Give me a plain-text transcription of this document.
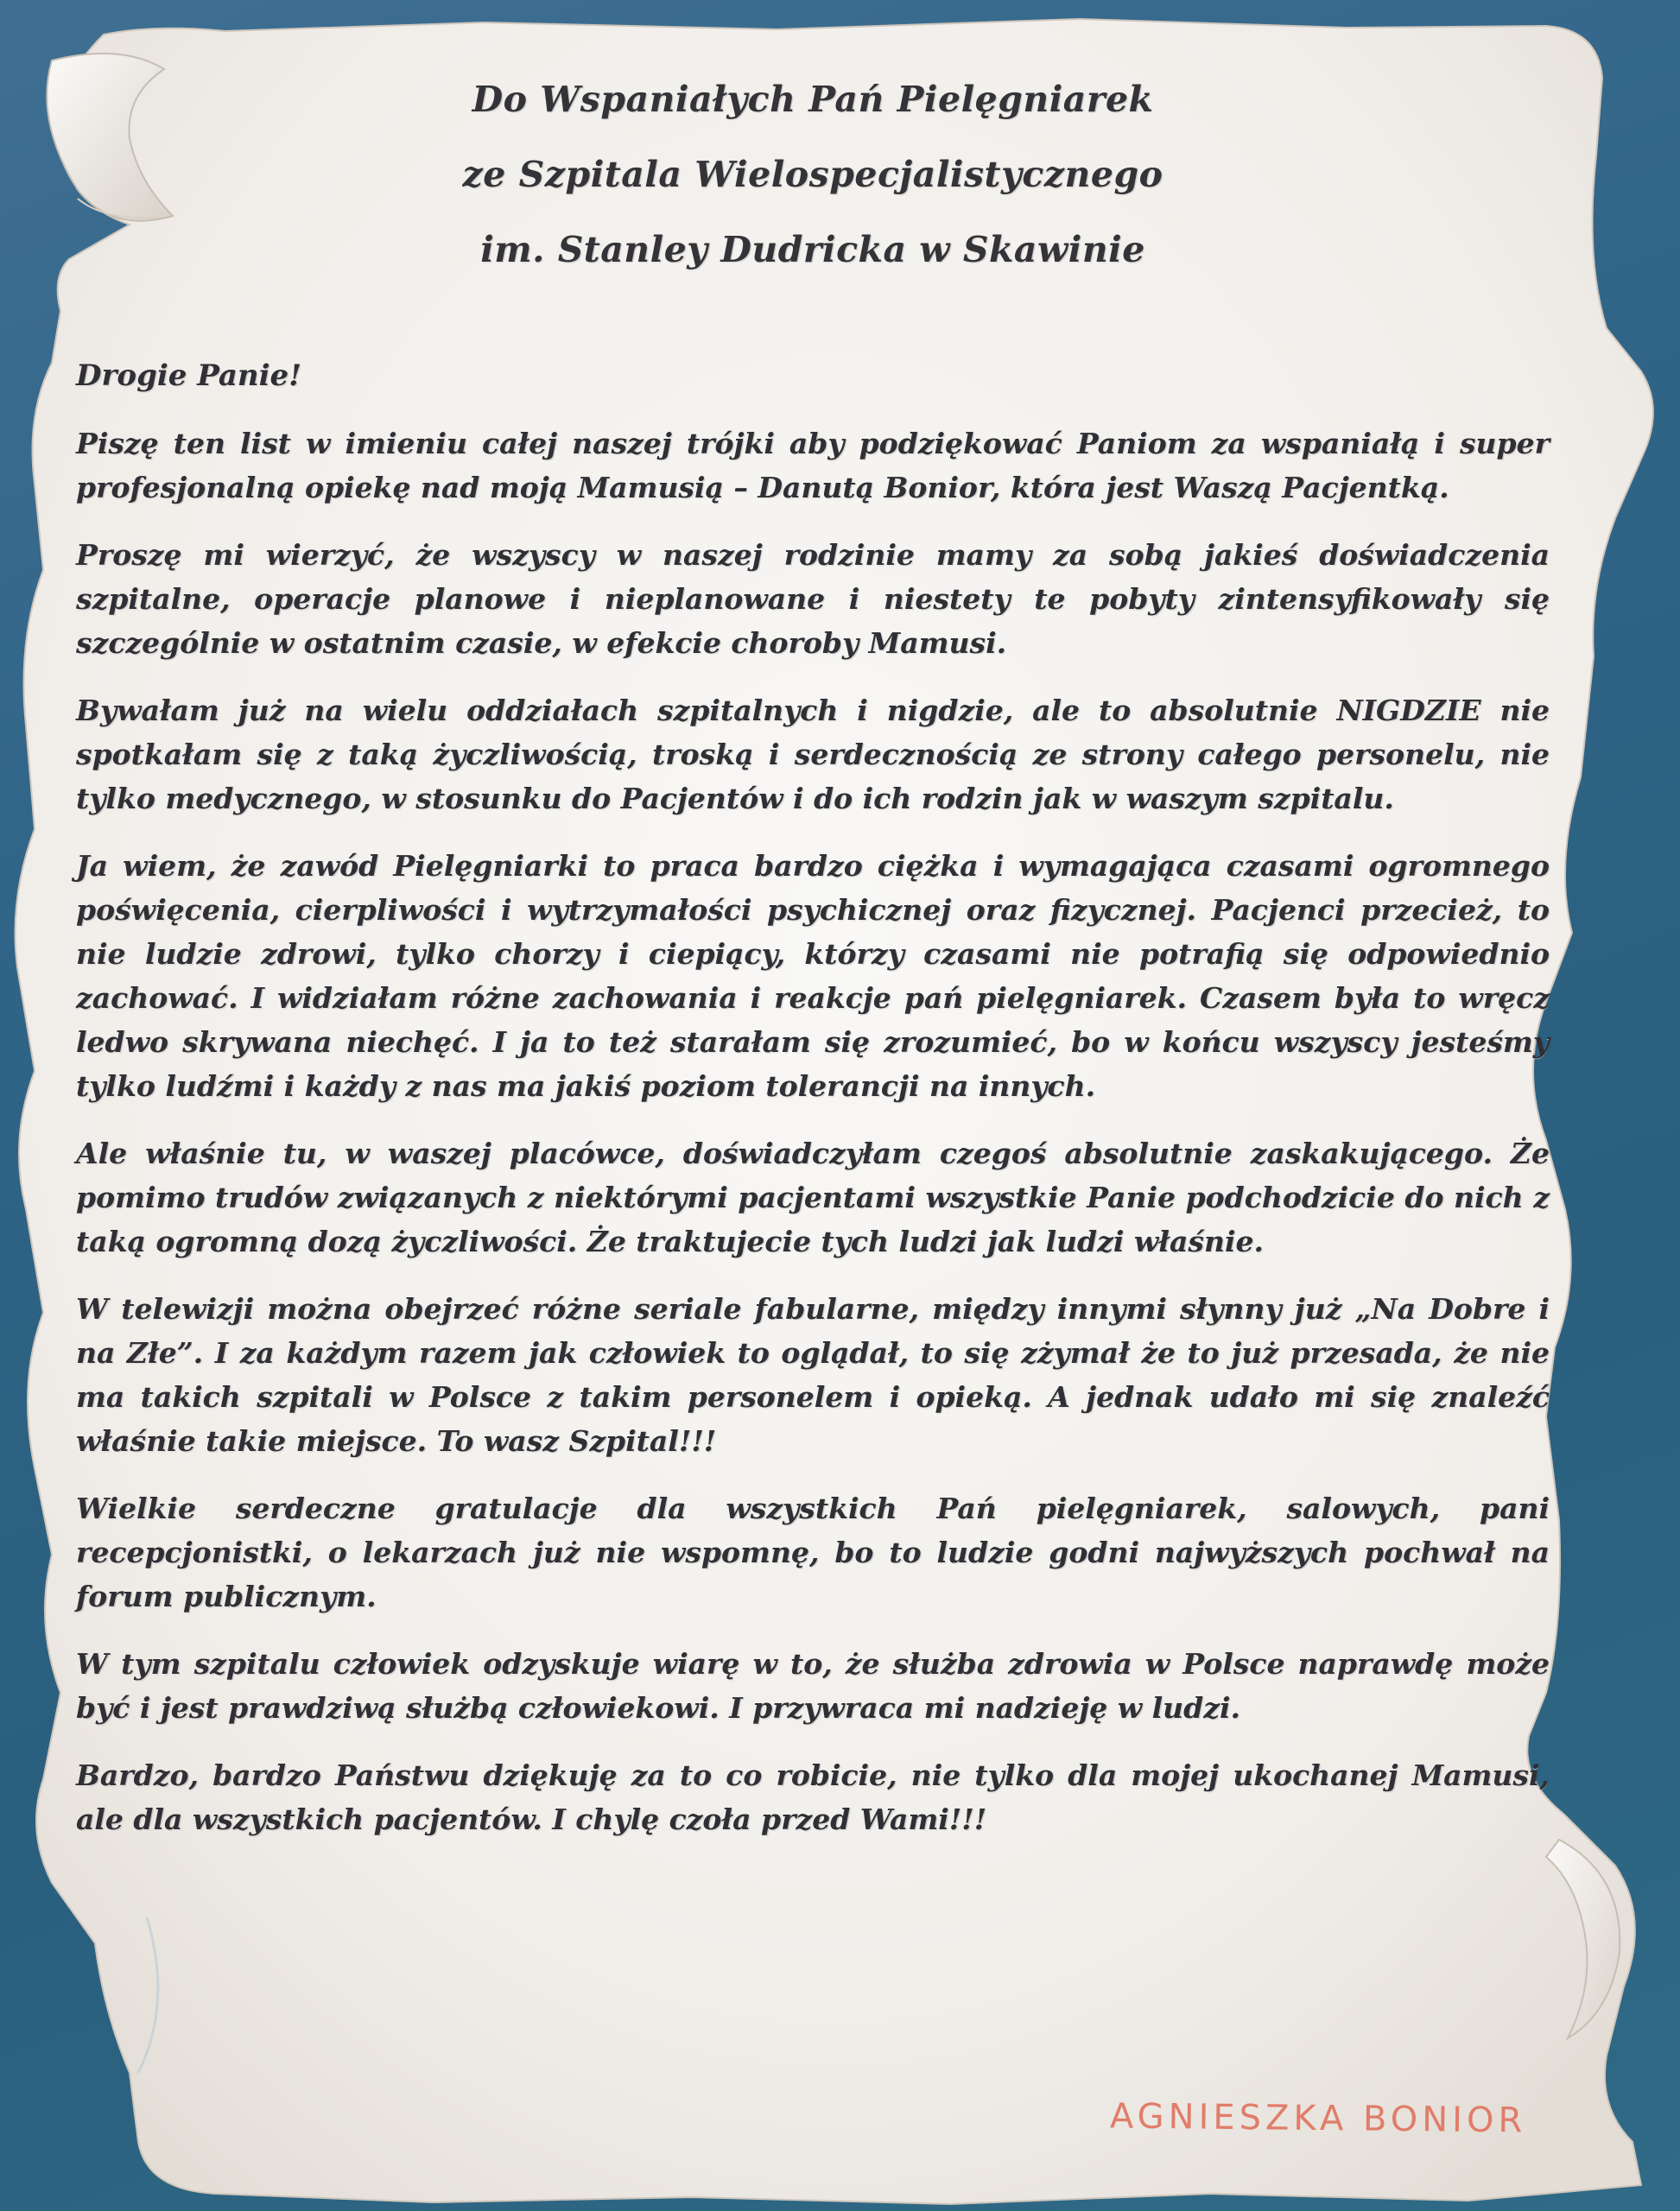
Do Wspaniałych Pań Pielęgniarek
ze Szpitala Wielospecjalistycznego
im. Stanley Dudricka w Skawinie

Drogie Panie!

Piszę ten list w imieniu całej naszej trójki aby podziękować Paniom za wspaniałą i super profesjonalną opiekę nad moją Mamusią – Danutą Bonior, która jest Waszą Pacjentką.

Proszę mi wierzyć, że wszyscy w naszej rodzinie mamy za sobą jakieś doświadczenia szpitalne, operacje planowe i nieplanowane i niestety te pobyty zintensyfikowały się szczególnie w ostatnim czasie, w efekcie choroby Mamusi.

Bywałam już na wielu oddziałach szpitalnych i nigdzie, ale to absolutnie NIGDZIE nie spotkałam się z taką życzliwością, troską i serdecznością ze strony całego personelu, nie tylko medycznego, w stosunku do Pacjentów i do ich rodzin jak w waszym szpitalu.

Ja wiem, że zawód Pielęgniarki to praca bardzo ciężka i wymagająca czasami ogromnego poświęcenia, cierpliwości i wytrzymałości psychicznej oraz fizycznej. Pacjenci przecież, to nie ludzie zdrowi, tylko chorzy i ciepiący, którzy czasami nie potrafią się odpowiednio zachować. I widziałam różne zachowania i reakcje pań pielęgniarek. Czasem była to wręcz ledwo skrywana niechęć. I ja to też starałam się zrozumieć, bo w końcu wszyscy jesteśmy tylko ludźmi i każdy z nas ma jakiś poziom tolerancji na innych.

Ale właśnie tu, w waszej placówce, doświadczyłam czegoś absolutnie zaskakującego. Że pomimo trudów związanych z niektórymi pacjentami wszystkie Panie podchodzicie do nich z taką ogromną dozą życzliwości. Że traktujecie tych ludzi jak ludzi właśnie.

W telewizji można obejrzeć różne seriale fabularne, między innymi słynny już „Na Dobre i na Złe”. I za każdym razem jak człowiek to oglądał, to się zżymał że to już przesada, że nie ma takich szpitali w Polsce z takim personelem i opieką. A jednak udało mi się znaleźć właśnie takie miejsce. To wasz Szpital!!!

Wielkie serdeczne gratulacje dla wszystkich Pań pielęgniarek, salowych, pani recepcjonistki, o lekarzach już nie wspomnę, bo to ludzie godni najwyższych pochwał na forum publicznym.

W tym szpitalu człowiek odzyskuje wiarę w to, że służba zdrowia w Polsce naprawdę może być i jest prawdziwą służbą człowiekowi. I przywraca mi nadzieję w ludzi.

Bardzo, bardzo Państwu dziękuję za to co robicie, nie tylko dla mojej ukochanej Mamusi, ale dla wszystkich pacjentów. I chylę czoła przed Wami!!!

AGNIESZKA BONIOR
